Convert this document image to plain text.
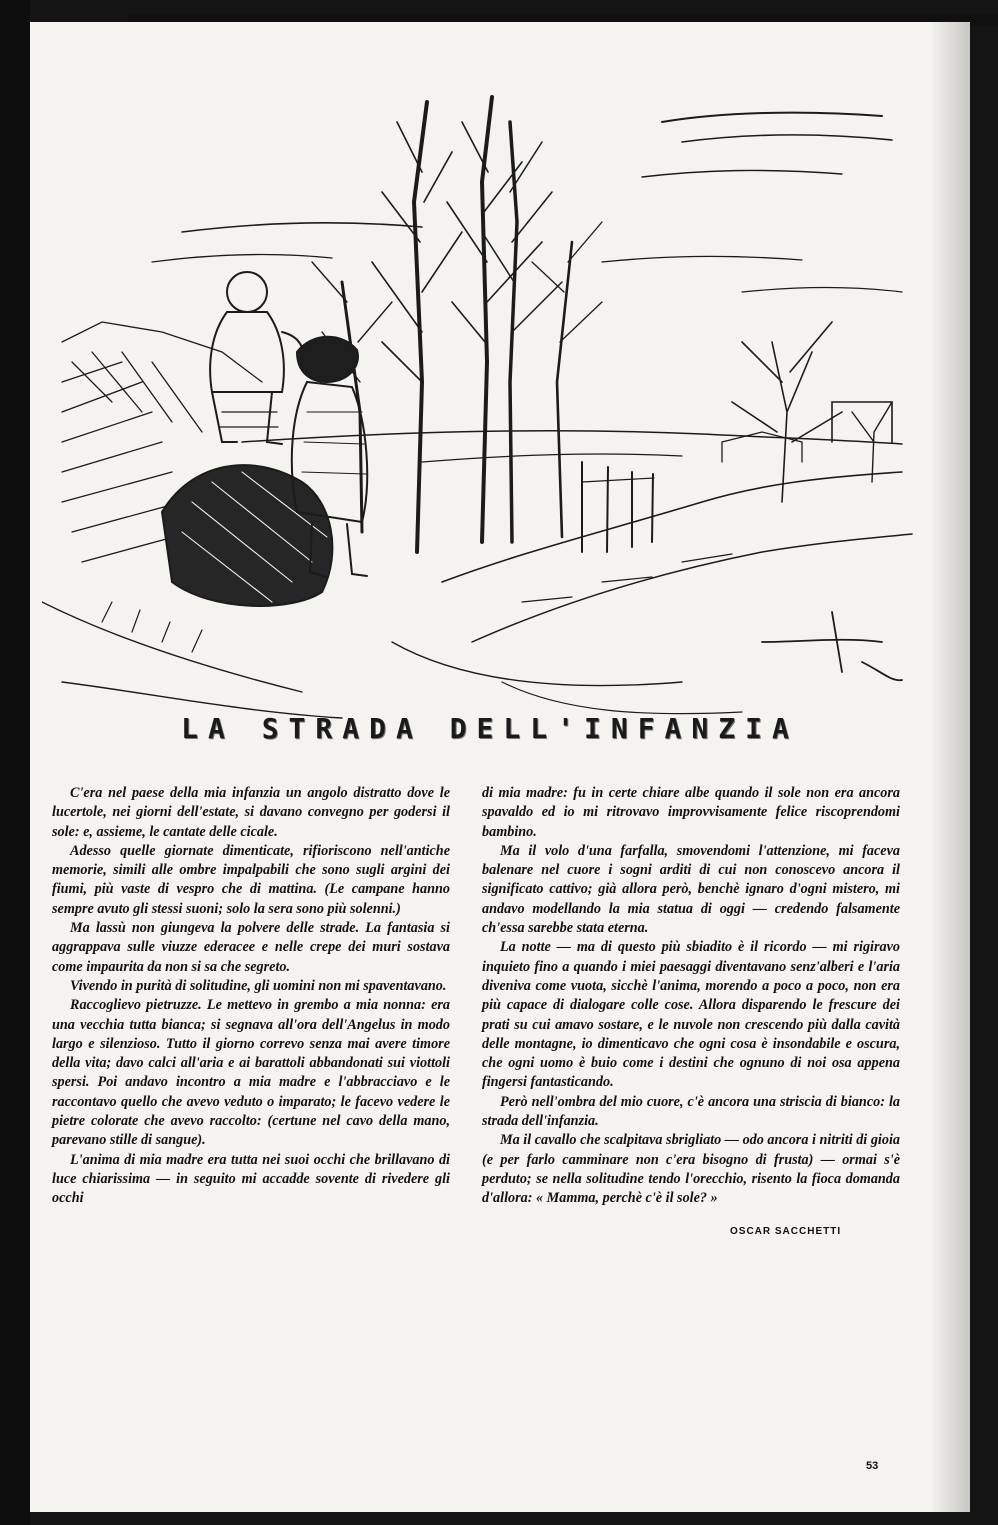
LA STRADA DELL'INFANZIA

C'era nel paese della mia infanzia un angolo distratto dove le lucertole, nei giorni dell'estate, si davano convegno per godersi il sole: e, assieme, le cantate delle cicale.

Adesso quelle giornate dimenticate, rifioriscono nell'antiche memorie, simili alle ombre impalpabili che sono sugli argini dei fiumi, più vaste di vespro che di mattina. (Le campane hanno sempre avuto gli stessi suoni; solo la sera sono più solenni.)

Ma lassù non giungeva la polvere delle strade. La fantasia si aggrappava sulle viuzze ederacee e nelle crepe dei muri sostava come impaurita da non si sa che segreto.

Vivendo in purità di solitudine, gli uomini non mi spaventavano.

Raccoglievo pietruzze. Le mettevo in grembo a mia nonna: era una vecchia tutta bianca; si segnava all'ora dell'Angelus in modo largo e silenzioso. Tutto il giorno correvo senza mai avere timore della vita; davo calci all'aria e ai barattoli abbandonati sui viottoli spersi. Poi andavo incontro a mia madre e l'abbracciavo e le raccontavo quello che avevo veduto o imparato; le facevo vedere le pietre colorate che avevo raccolto: (certune nel cavo della mano, parevano stille di sangue).

L'anima di mia madre era tutta nei suoi occhi che brillavano di luce chiarissima — in seguito mi accadde sovente di rivedere gli occhi

di mia madre: fu in certe chiare albe quando il sole non era ancora spavaldo ed io mi ritrovavo improvvisamente felice riscoprendomi bambino.

Ma il volo d'una farfalla, smovendomi l'attenzione, mi faceva balenare nel cuore i sogni arditi di cui non conoscevo ancora il significato cattivo; già allora però, benchè ignaro d'ogni mistero, mi andavo modellando la mia statua di oggi — credendo falsamente ch'essa sarebbe stata eterna.

La notte — ma di questo più sbiadito è il ricordo — mi rigiravo inquieto fino a quando i miei paesaggi diventavano senz'alberi e l'aria diveniva come vuota, sicchè l'anima, morendo a poco a poco, non era più capace di dialogare colle cose. Allora disparendo le frescure dei prati su cui amavo sostare, e le nuvole non crescendo più dalla cavità delle montagne, io dimenticavo che ogni cosa è insondabile e oscura, che ogni uomo è buio come i destini che ognuno di noi osa appena fingersi fantasticando.

Però nell'ombra del mio cuore, c'è ancora una striscia di bianco: la strada dell'infanzia.

Ma il cavallo che scalpitava sbrigliato — odo ancora i nitriti di gioia (e per farlo camminare non c'era bisogno di frusta) — ormai s'è perduto; se nella solitudine tendo l'orecchio, risento la fioca domanda d'allora: « Mamma, perchè c'è il sole? »

OSCAR SACCHETTI
53
